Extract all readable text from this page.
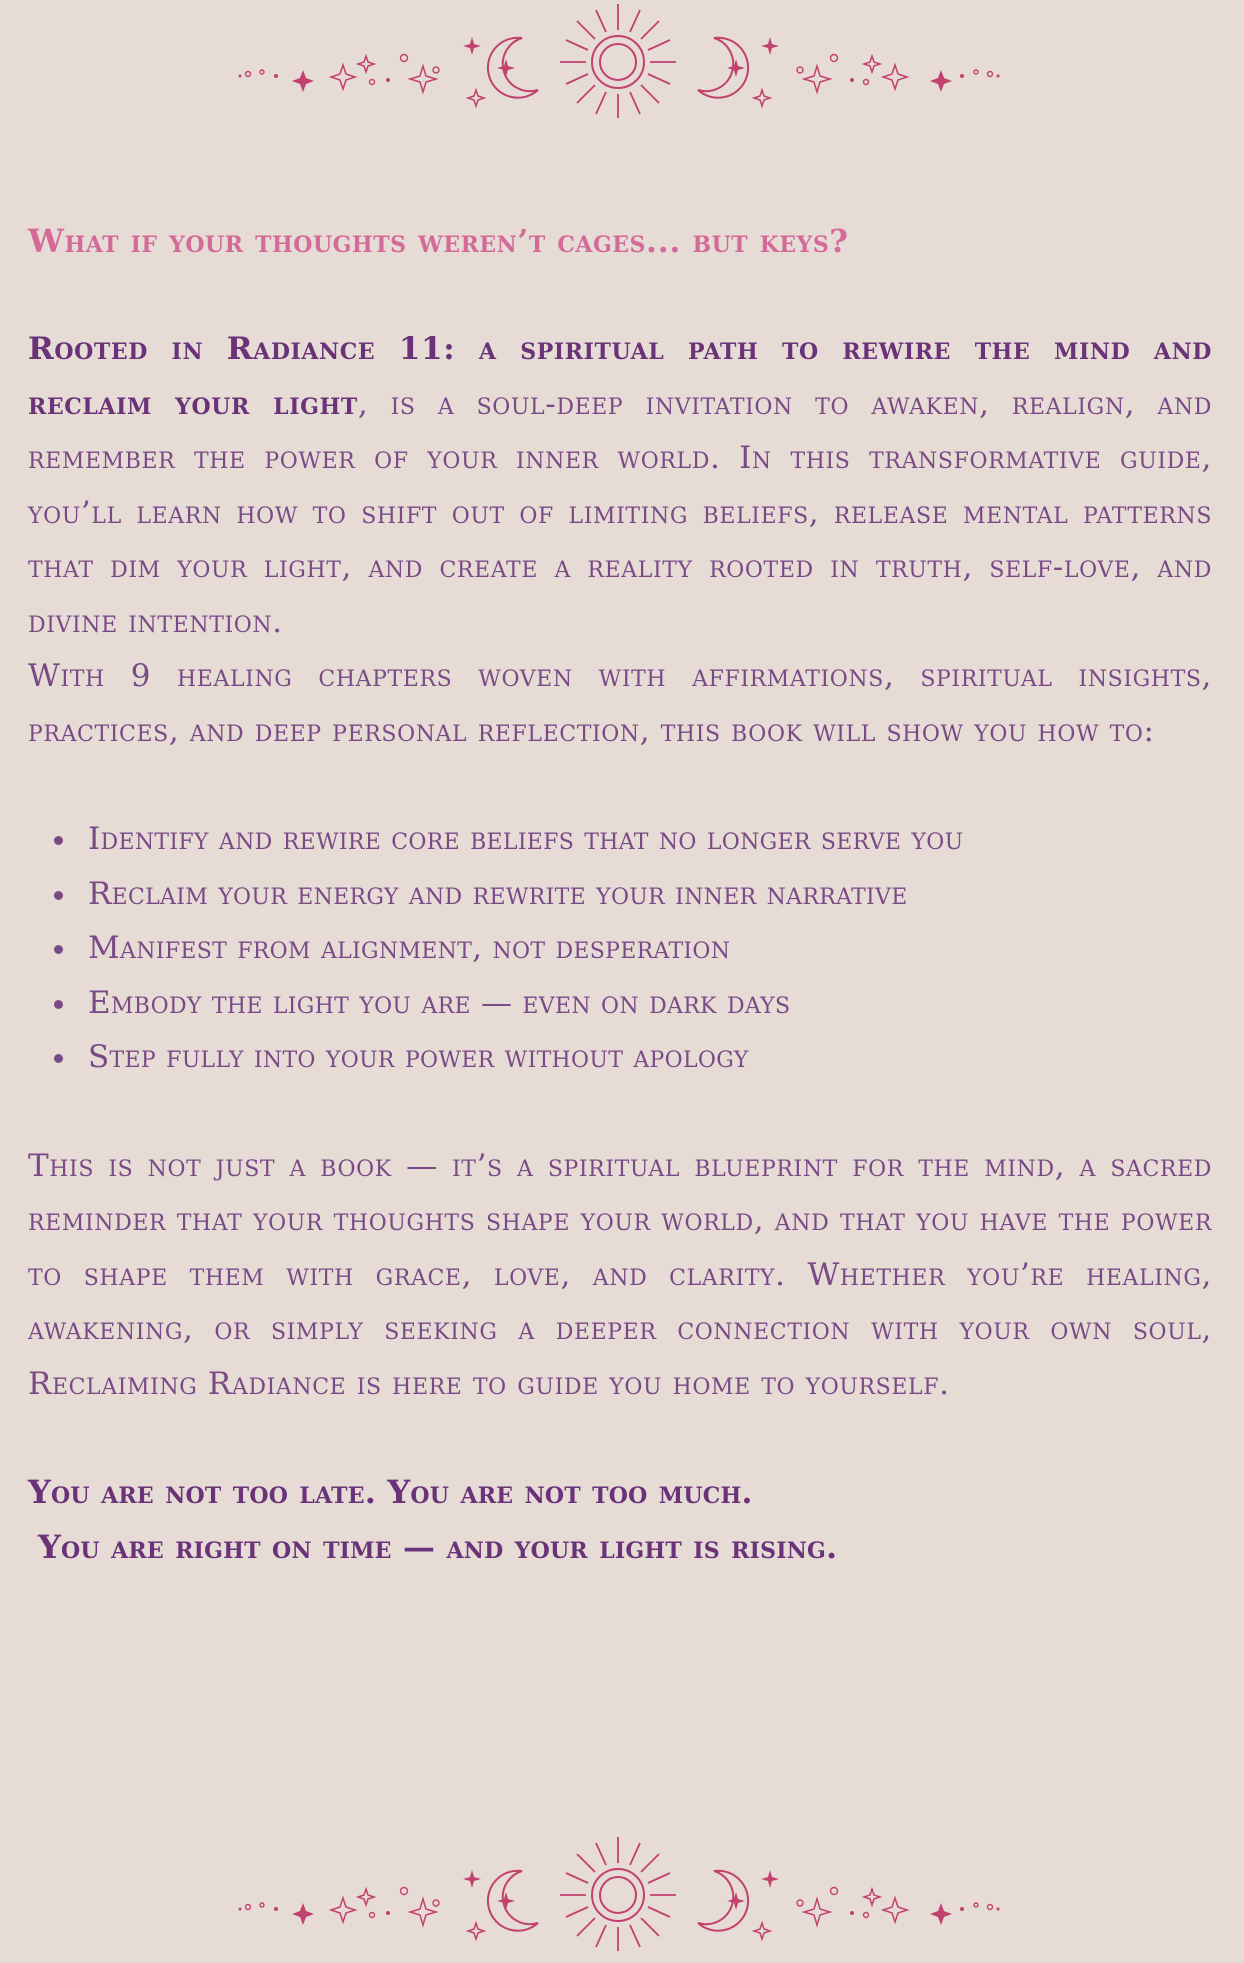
What if your thoughts weren’t cages... but keys?

Rooted in Radiance 11: a spiritual path to rewire the mind and reclaim your light, is a soul-deep invitation to awaken, realign, and remember the power of your inner world. In this transformative guide, you’ll learn how to shift out of limiting beliefs, release mental patterns that dim your light, and create a reality rooted in truth, self-love, and divine intention.

With 9 healing chapters woven with affirmations, spiritual insights, practices, and deep personal reflection, this book will show you how to:

Identify and rewire core beliefs that no longer serve you
Reclaim your energy and rewrite your inner narrative
Manifest from alignment, not desperation
Embody the light you are — even on dark days
Step fully into your power without apology

This is not just a book — it’s a spiritual blueprint for the mind, a sacred reminder that your thoughts shape your world, and that you have the power to shape them with grace, love, and clarity. Whether you’re healing, awakening, or simply seeking a deeper connection with your own soul, Reclaiming Radiance is here to guide you home to yourself.

You are not too late. You are not too much.
You are right on time — and your light is rising.
